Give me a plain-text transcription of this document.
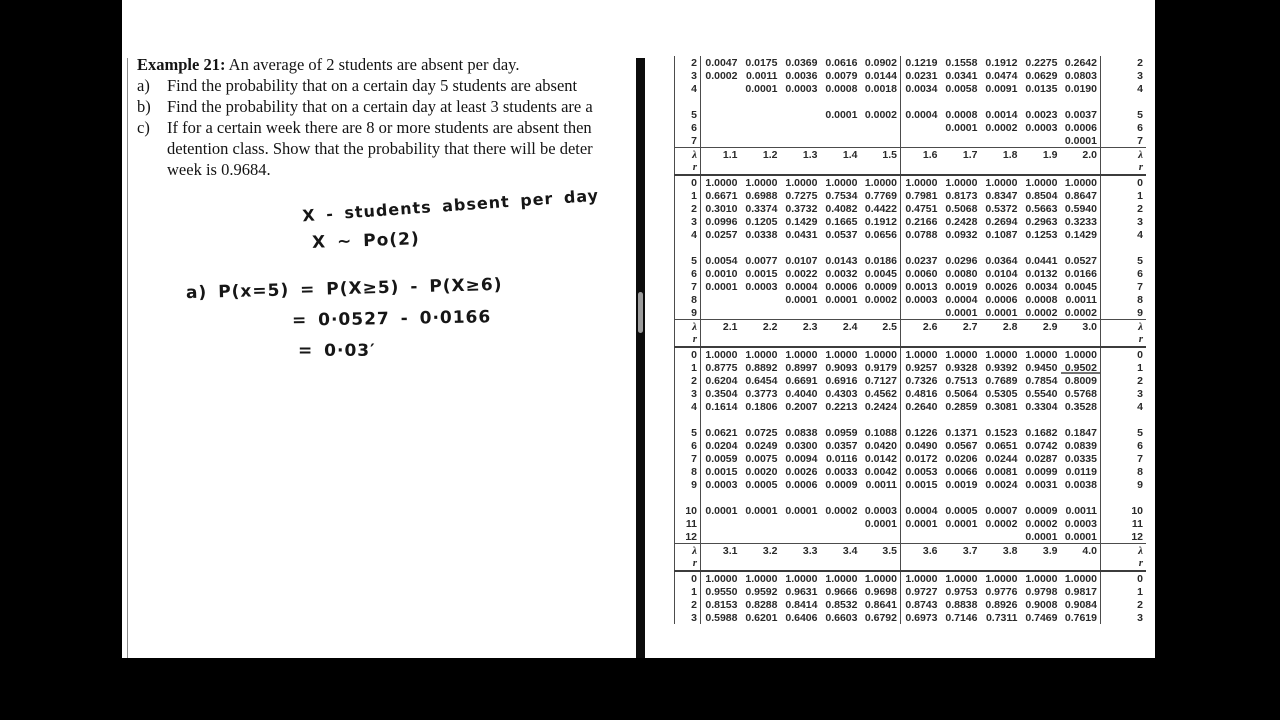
Example 21: An average of 2 students are absent per day.
a)	Find the probability that on a certain day 5 students are absent
b) Find the probability that on a certain day at least 3 students are a
c)	If for a certain week there are 8 or more students are absent then
detention class. Show that the probability that there will be deter
week is 0.9684.
X - students absent per day
X ~ Po(2)
a) P(x=5) = P(X≥5) - P(X≥6)
= 0·0527 - 0·0166
= 0·03′
2	0.0047	0.0175	0.0369	0.0616	0.0902	0.1219	0.1558	0.1912	0.2275	0.2642	2
3	0.0002	0.0011	0.0036	0.0079	0.0144	0.0231	0.0341	0.0474	0.0629	0.0803	3
4		0.0001	0.0003	0.0008	0.0018	0.0034	0.0058	0.0091	0.0135	0.0190	4

5				0.0001	0.0002	0.0004	0.0008	0.0014	0.0023	0.0037	5
6							0.0001	0.0002	0.0003	0.0006	6
7										0.0001	7
λ	1.1	1.2	1.3	1.4	1.5	1.6	1.7	1.8	1.9	2.0	λ
r											r
0	1.0000	1.0000	1.0000	1.0000	1.0000	1.0000	1.0000	1.0000	1.0000	1.0000	0
1	0.6671	0.6988	0.7275	0.7534	0.7769	0.7981	0.8173	0.8347	0.8504	0.8647	1
2	0.3010	0.3374	0.3732	0.4082	0.4422	0.4751	0.5068	0.5372	0.5663	0.5940	2
3	0.0996	0.1205	0.1429	0.1665	0.1912	0.2166	0.2428	0.2694	0.2963	0.3233	3
4	0.0257	0.0338	0.0431	0.0537	0.0656	0.0788	0.0932	0.1087	0.1253	0.1429	4

5	0.0054	0.0077	0.0107	0.0143	0.0186	0.0237	0.0296	0.0364	0.0441	0.0527	5
6	0.0010	0.0015	0.0022	0.0032	0.0045	0.0060	0.0080	0.0104	0.0132	0.0166	6
7	0.0001	0.0003	0.0004	0.0006	0.0009	0.0013	0.0019	0.0026	0.0034	0.0045	7
8			0.0001	0.0001	0.0002	0.0003	0.0004	0.0006	0.0008	0.0011	8
9							0.0001	0.0001	0.0002	0.0002	9
λ	2.1	2.2	2.3	2.4	2.5	2.6	2.7	2.8	2.9	3.0	λ
r											r
0	1.0000	1.0000	1.0000	1.0000	1.0000	1.0000	1.0000	1.0000	1.0000	1.0000	0
1	0.8775	0.8892	0.8997	0.9093	0.9179	0.9257	0.9328	0.9392	0.9450	0.9502	1
2	0.6204	0.6454	0.6691	0.6916	0.7127	0.7326	0.7513	0.7689	0.7854	0.8009	2
3	0.3504	0.3773	0.4040	0.4303	0.4562	0.4816	0.5064	0.5305	0.5540	0.5768	3
4	0.1614	0.1806	0.2007	0.2213	0.2424	0.2640	0.2859	0.3081	0.3304	0.3528	4

5	0.0621	0.0725	0.0838	0.0959	0.1088	0.1226	0.1371	0.1523	0.1682	0.1847	5
6	0.0204	0.0249	0.0300	0.0357	0.0420	0.0490	0.0567	0.0651	0.0742	0.0839	6
7	0.0059	0.0075	0.0094	0.0116	0.0142	0.0172	0.0206	0.0244	0.0287	0.0335	7
8	0.0015	0.0020	0.0026	0.0033	0.0042	0.0053	0.0066	0.0081	0.0099	0.0119	8
9	0.0003	0.0005	0.0006	0.0009	0.0011	0.0015	0.0019	0.0024	0.0031	0.0038	9

10	0.0001	0.0001	0.0001	0.0002	0.0003	0.0004	0.0005	0.0007	0.0009	0.0011	10
11					0.0001	0.0001	0.0001	0.0002	0.0002	0.0003	11
12									0.0001	0.0001	12
λ	3.1	3.2	3.3	3.4	3.5	3.6	3.7	3.8	3.9	4.0	λ
r											r
0	1.0000	1.0000	1.0000	1.0000	1.0000	1.0000	1.0000	1.0000	1.0000	1.0000	0
1	0.9550	0.9592	0.9631	0.9666	0.9698	0.9727	0.9753	0.9776	0.9798	0.9817	1
2	0.8153	0.8288	0.8414	0.8532	0.8641	0.8743	0.8838	0.8926	0.9008	0.9084	2
3	0.5988	0.6201	0.6406	0.6603	0.6792	0.6973	0.7146	0.7311	0.7469	0.7619	3
